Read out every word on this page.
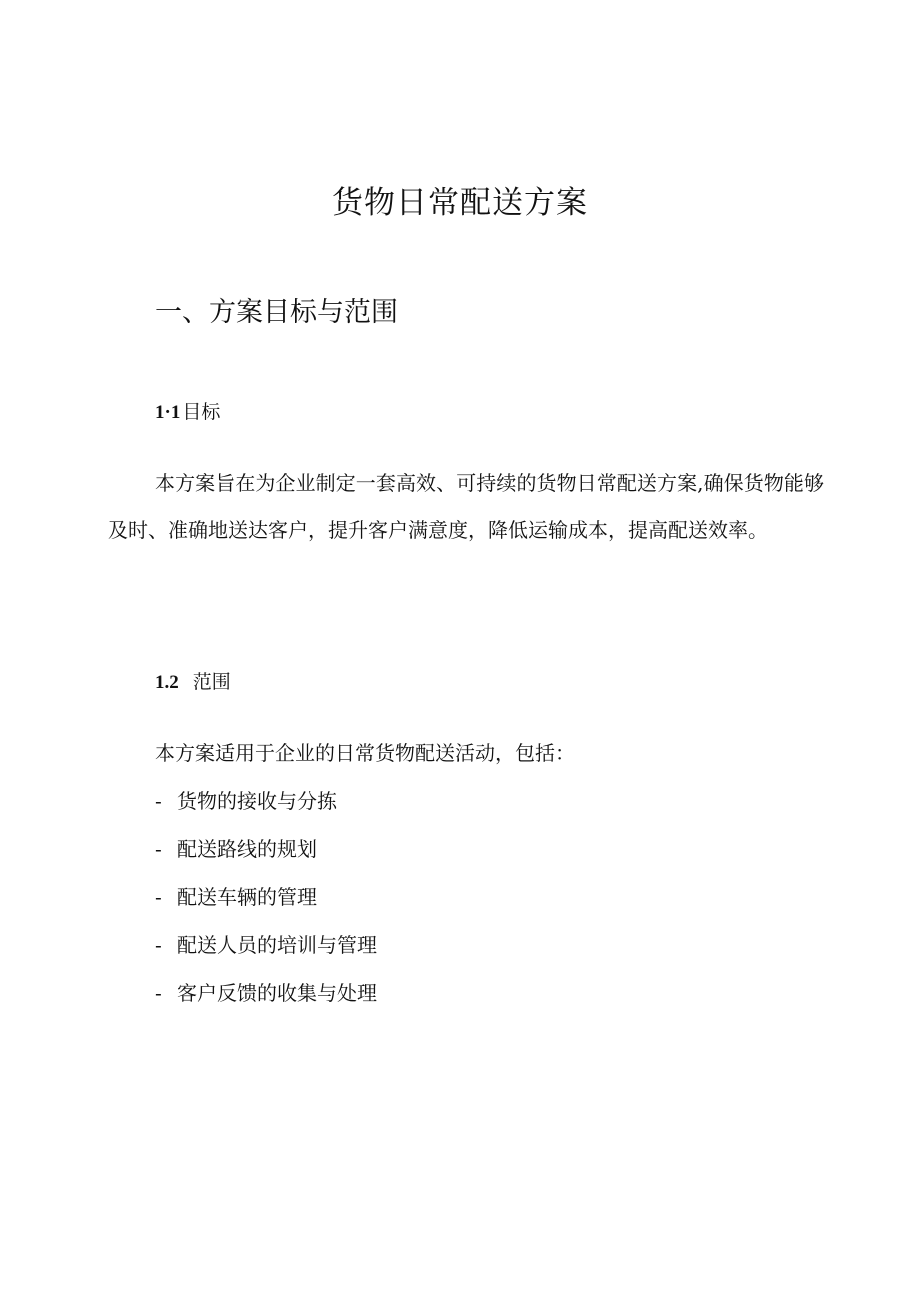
货物日常配送方案
一、方案目标与范围
1·1 目标

本方案旨在为企业制定一套高效、可持续的货物日常配送方案,确保货物能够及时、准确地送达客户，提升客户满意度，降低运输成本，提高配送效率。

1.2 范围

本方案适用于企业的日常货物配送活动，包括：

- 货物的接收与分拣
- 配送路线的规划
- 配送车辆的管理
- 配送人员的培训与管理
- 客户反馈的收集与处理
